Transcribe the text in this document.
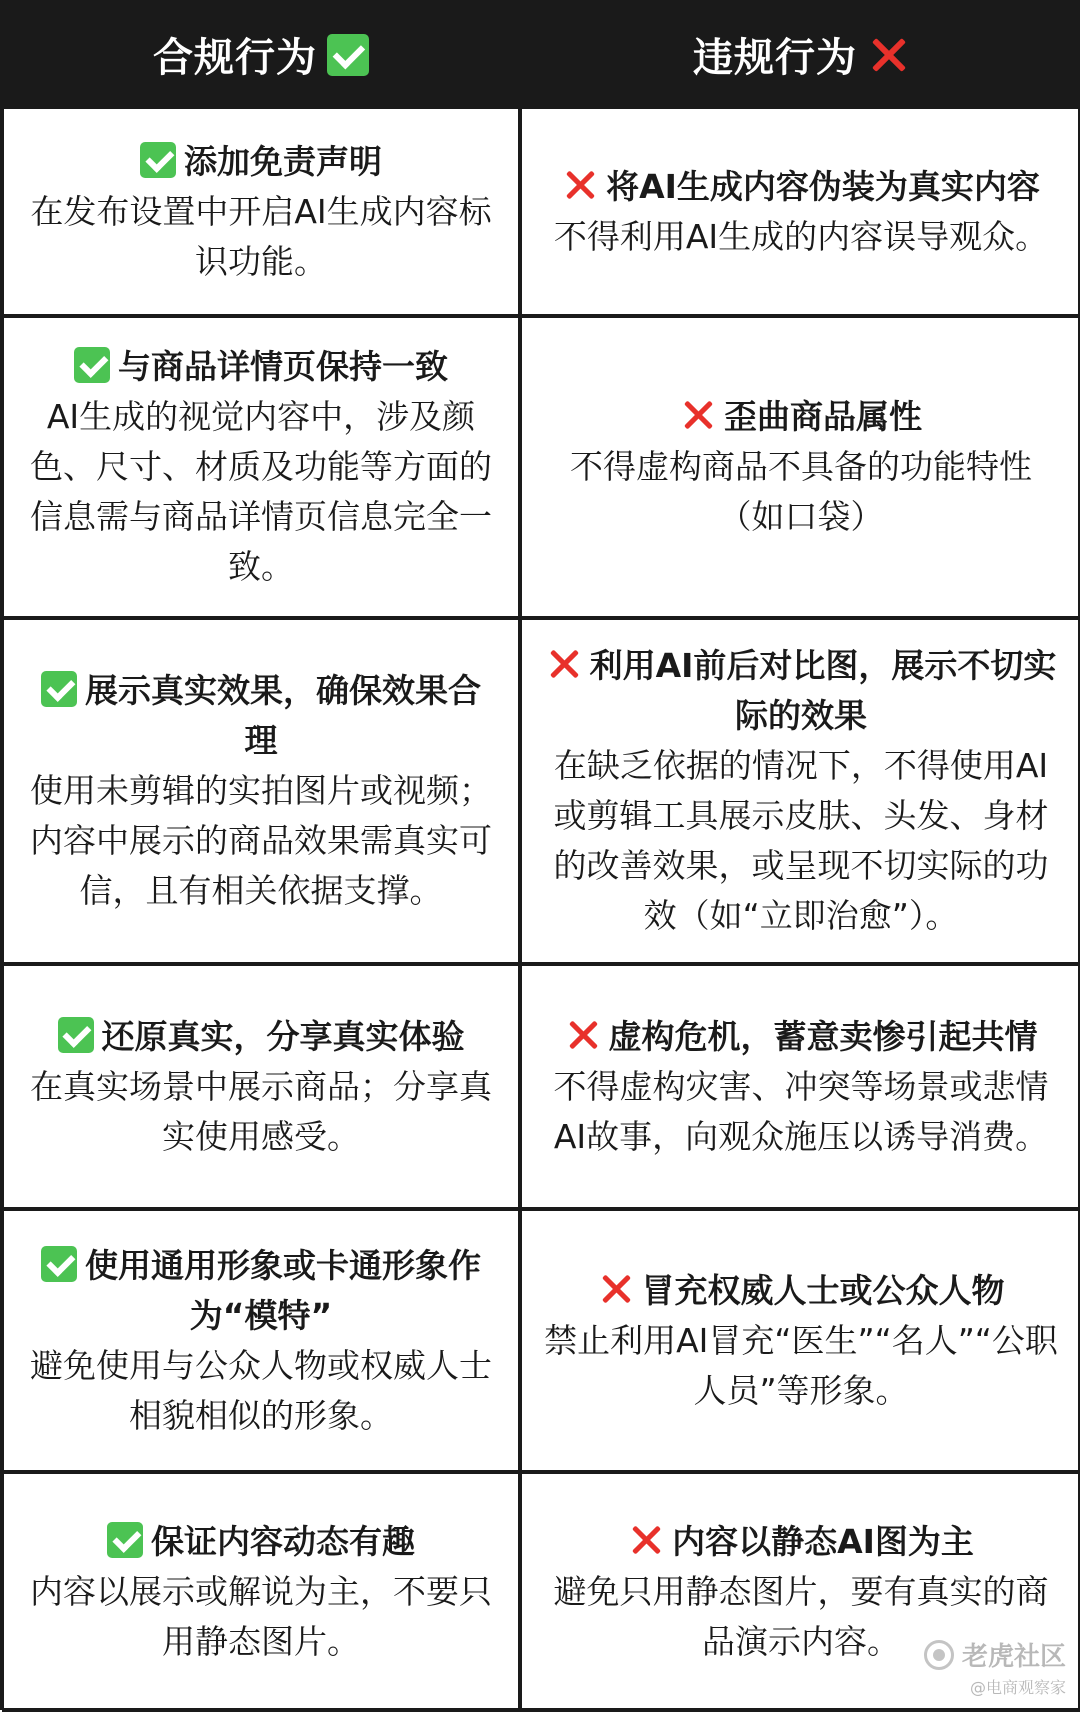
合规行为	违规行为
添加免责声明
在发布设置中开启AI生成内容标识功能。
将AI生成内容伪装为真实内容
不得利用AI生成的内容误导观众。
与商品详情页保持一致
AI生成的视觉内容中，涉及颜色、尺寸、材质及功能等方面的信息需与商品详情页信息完全一致。
歪曲商品属性
不得虚构商品不具备的功能特性（如口袋）
展示真实效果，确保效果合理
使用未剪辑的实拍图片或视频；内容中展示的商品效果需真实可信，且有相关依据支撑。
利用AI前后对比图，展示不切实际的效果
在缺乏依据的情况下，不得使用AI或剪辑工具展示皮肤、头发、身材的改善效果，或呈现不切实际的功效（如“立即治愈”）。
还原真实，分享真实体验
在真实场景中展示商品；分享真实使用感受。
虚构危机，蓄意卖惨引起共情
不得虚构灾害、冲突等场景或悲情AI故事，向观众施压以诱导消费。
使用通用形象或卡通形象作为“模特”
避免使用与公众人物或权威人士相貌相似的形象。
冒充权威人士或公众人物
禁止利用AI冒充“医生”“名人”“公职人员”等形象。
保证内容动态有趣
内容以展示或解说为主，不要只用静态图片。
内容以静态AI图为主
避免只用静态图片，要有真实的商品演示内容。	老虎社区
@电商观察家
